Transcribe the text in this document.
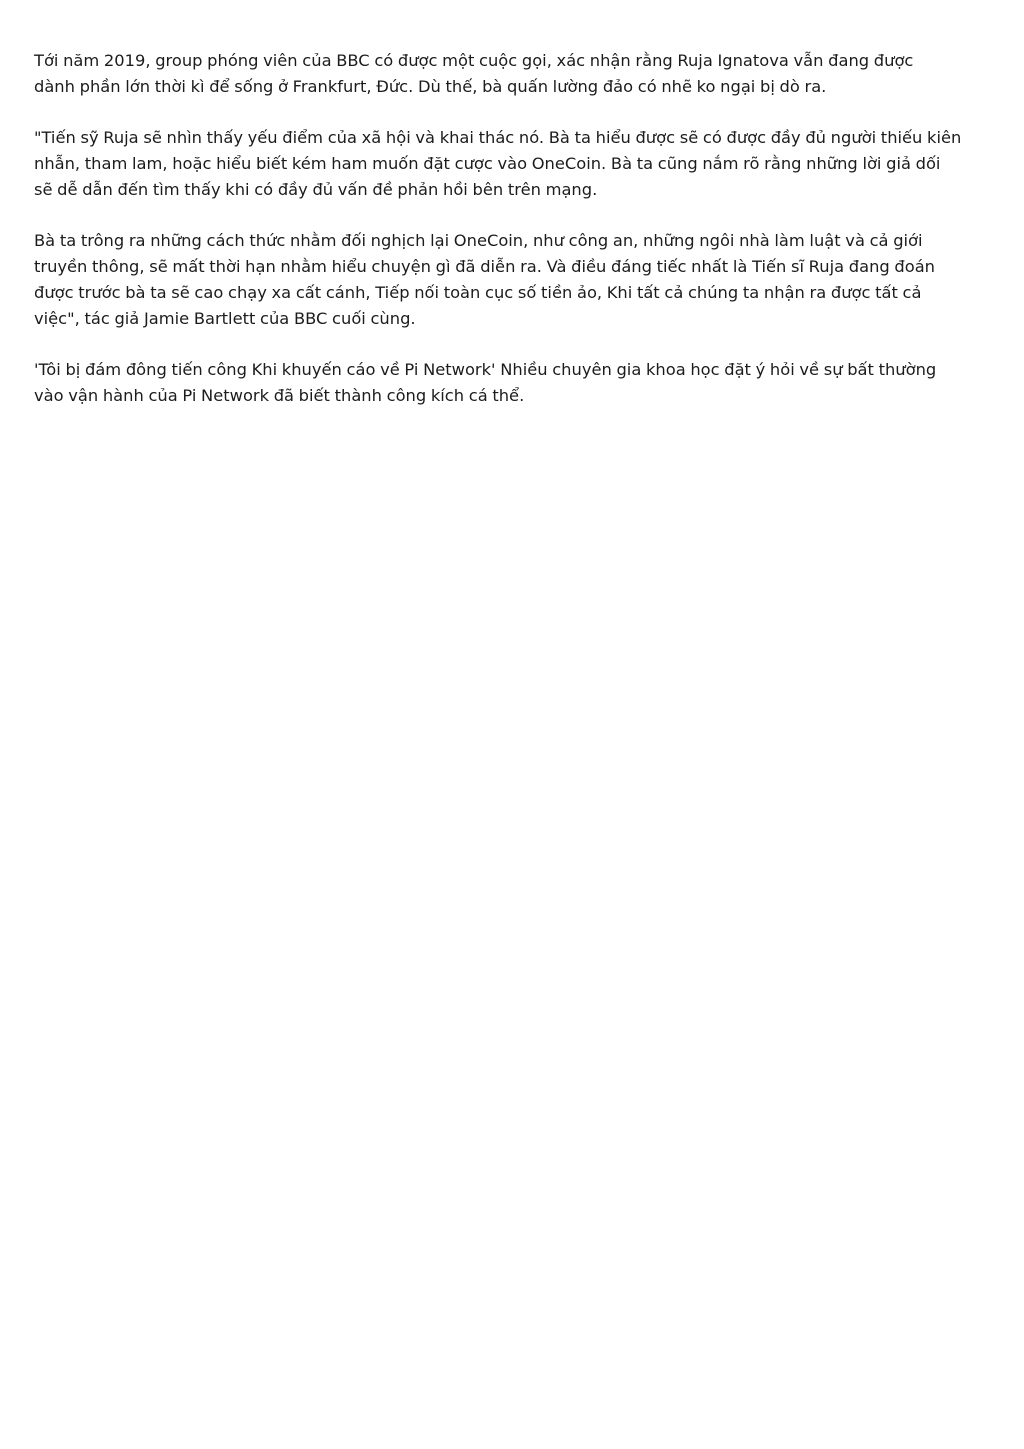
Tới năm 2019, group phóng viên của BBC có được một cuộc gọi, xác nhận rằng Ruja Ignatova vẫn đang được
dành phần lớn thời kì để sống ở Frankfurt, Đức. Dù thế, bà quấn lường đảo có nhẽ ko ngại bị dò ra.

"Tiến sỹ Ruja sẽ nhìn thấy yếu điểm của xã hội và khai thác nó. Bà ta hiểu được sẽ có được đầy đủ người thiếu kiên
nhẫn, tham lam, hoặc hiểu biết kém ham muốn đặt cược vào OneCoin. Bà ta cũng nắm rõ rằng những lời giả dối
sẽ dễ dẫn đến tìm thấy khi có đầy đủ vấn đề phản hồi bên trên mạng.

Bà ta trông ra những cách thức nhằm đối nghịch lại OneCoin, như công an, những ngôi nhà làm luật và cả giới
truyền thông, sẽ mất thời hạn nhằm hiểu chuyện gì đã diễn ra. Và điều đáng tiếc nhất là Tiến sĩ Ruja đang đoán
được trước bà ta sẽ cao chạy xa cất cánh, Tiếp nối toàn cục số tiền ảo, Khi tất cả chúng ta nhận ra được tất cả
việc", tác giả Jamie Bartlett của BBC cuối cùng.

'Tôi bị đám đông tiến công Khi khuyến cáo về Pi Network' Nhiều chuyên gia khoa học đặt ý hỏi về sự bất thường
vào vận hành của Pi Network đã biết thành công kích cá thể.
